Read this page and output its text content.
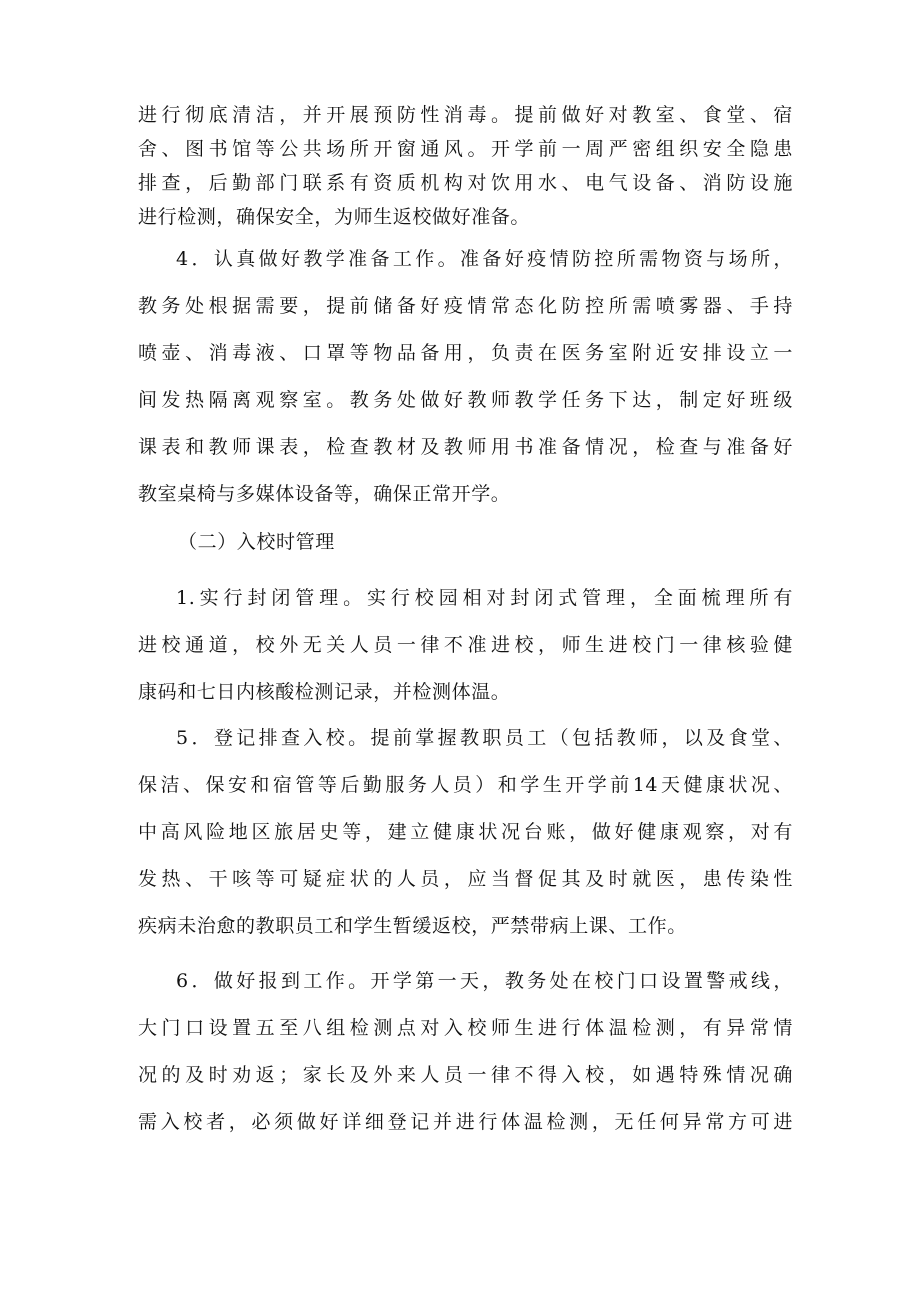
进行彻底清洁，并开展预防性消毒。提前做好对教室、食堂、宿

舍、图书馆等公共场所开窗通风。开学前一周严密组织安全隐患

排查，后勤部门联系有资质机构对饮用水、电气设备、消防设施

进行检测，确保安全，为师生返校做好准备。

4．认真做好教学准备工作。准备好疫情防控所需物资与场所，

教务处根据需要，提前储备好疫情常态化防控所需喷雾器、手持

喷壶、消毒液、口罩等物品备用，负责在医务室附近安排设立一

间发热隔离观察室。教务处做好教师教学任务下达，制定好班级

课表和教师课表，检查教材及教师用书准备情况，检查与准备好

教室桌椅与多媒体设备等，确保正常开学。

（二）入校时管理

1.实行封闭管理。实行校园相对封闭式管理，全面梳理所有

进校通道，校外无关人员一律不准进校，师生进校门一律核验健

康码和七日内核酸检测记录，并检测体温。

5．登记排查入校。提前掌握教职员工（包括教师，以及食堂、

保洁、保安和宿管等后勤服务人员）和学生开学前14天健康状况、

中高风险地区旅居史等，建立健康状况台账，做好健康观察，对有

发热、干咳等可疑症状的人员，应当督促其及时就医，患传染性

疾病未治愈的教职员工和学生暂缓返校，严禁带病上课、工作。

6．做好报到工作。开学第一天，教务处在校门口设置警戒线，

大门口设置五至八组检测点对入校师生进行体温检测，有异常情

况的及时劝返；家长及外来人员一律不得入校，如遇特殊情况确

需入校者，必须做好详细登记并进行体温检测，无任何异常方可进
